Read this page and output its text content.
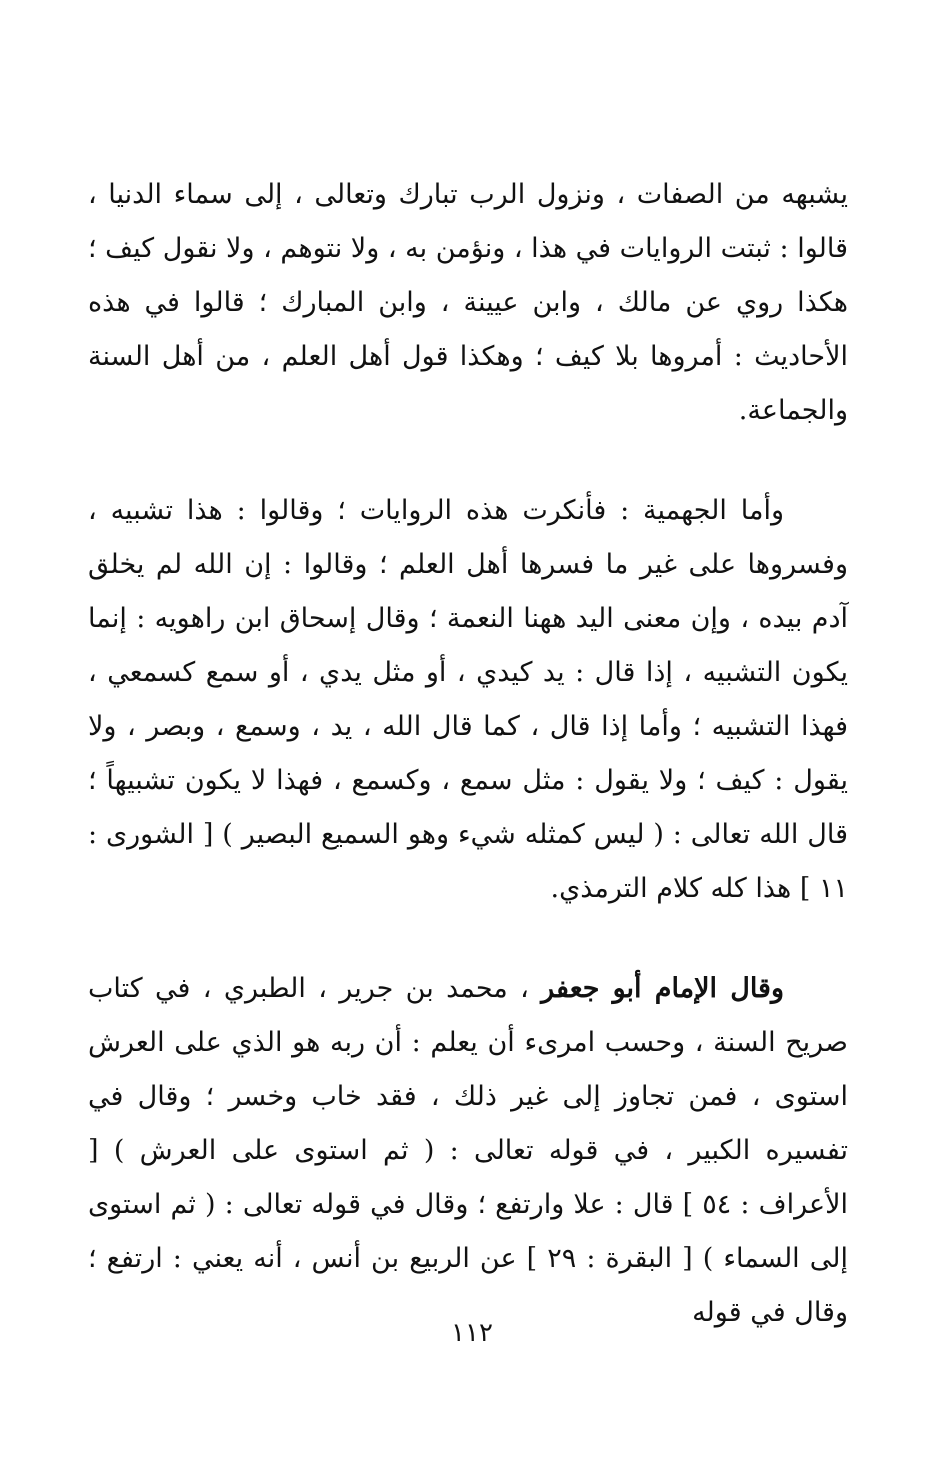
يشبهه من الصفات ، ونزول الرب تبارك وتعالى ، إلى سماء الدنيا ، قالوا : ثبتت الروايات في هذا ، ونؤمن به ، ولا نتوهم ، ولا نقول كيف ؛ هكذا روي عن مالك ، وابن عيينة ، وابن المبارك ؛ قالوا في هذه الأحاديث : أمروها بلا كيف ؛ وهكذا قول أهل العلم ، من أهل السنة والجماعة.

وأما الجهمية : فأنكرت هذه الروايات ؛ وقالوا : هذا تشبيه ، وفسروها على غير ما فسرها أهل العلم ؛ وقالوا : إن الله لم يخلق آدم بيده ، وإن معنى اليد ههنا النعمة ؛ وقال إسحاق ابن راهويه : إنما يكون التشبيه ، إذا قال : يد كيدي ، أو مثل يدي ، أو سمع كسمعي ، فهذا التشبيه ؛ وأما إذا قال ، كما قال الله ، يد ، وسمع ، وبصر ، ولا يقول : كيف ؛ ولا يقول : مثل سمع ، وكسمع ، فهذا لا يكون تشبيهاً ؛ قال الله تعالى : ( ليس كمثله شيء وهو السميع البصير ) [ الشورى : ١١ ] هذا كله كلام الترمذي.

وقال الإمام أبو جعفر ، محمد بن جرير ، الطبري ، في كتاب صريح السنة ، وحسب امرىء أن يعلم : أن ربه هو الذي على العرش استوى ، فمن تجاوز إلى غير ذلك ، فقد خاب وخسر ؛ وقال في تفسيره الكبير ، في قوله تعالى : ( ثم استوى على العرش ) [ الأعراف : ٥٤ ] قال : علا وارتفع ؛ وقال في قوله تعالى : ( ثم استوى إلى السماء ) [ البقرة : ٢٩ ] عن الربيع بن أنس ، أنه يعني : ارتفع ؛ وقال في قوله

١١٢
